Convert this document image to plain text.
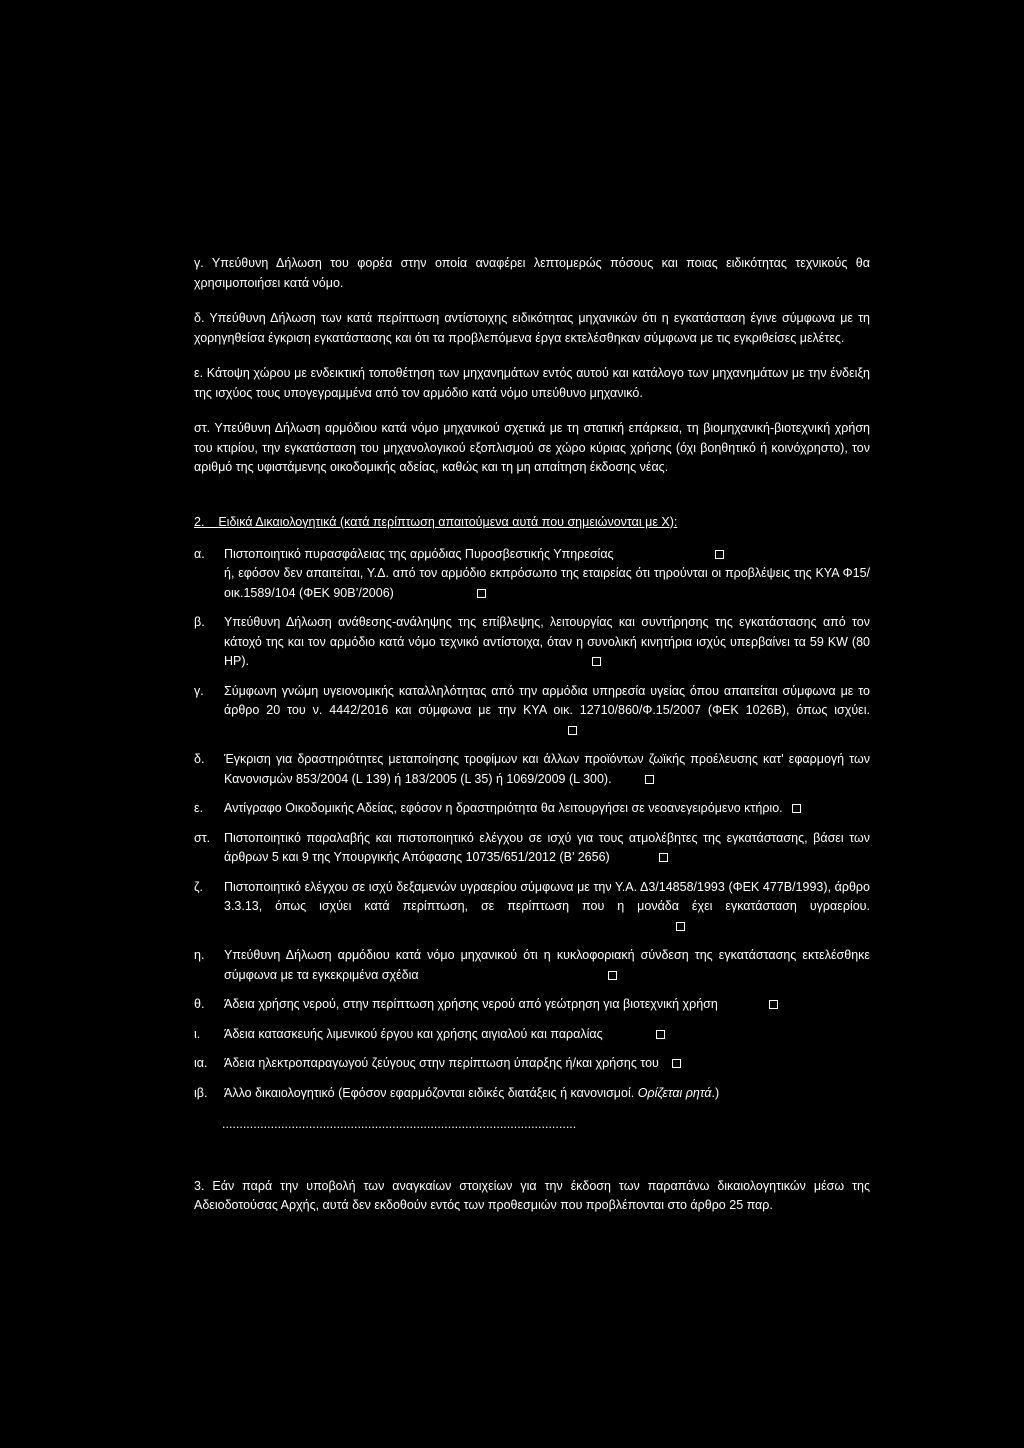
γ. Υπεύθυνη Δήλωση του φορέα στην οποία αναφέρει λεπτομερώς πόσους και ποιας ειδικότητας τεχνικούς θα χρησιμοποιήσει κατά νόμο.

δ. Υπεύθυνη Δήλωση των κατά περίπτωση αντίστοιχης ειδικότητας μηχανικών ότι η εγκατάσταση έγινε σύμφωνα με τη χορηγηθείσα έγκριση εγκατάστασης και ότι τα προβλεπόμενα έργα εκτελέσθηκαν σύμφωνα με τις εγκριθείσες μελέτες.

ε. Κάτοψη χώρου με ενδεικτική τοποθέτηση των μηχανημάτων εντός αυτού και κατάλογο των μηχανημάτων με την ένδειξη της ισχύος τους υπογεγραμμένα από τον αρμόδιο κατά νόμο υπεύθυνο μηχανικό.

στ. Υπεύθυνη Δήλωση αρμόδιου κατά νόμο μηχανικού σχετικά με τη στατική επάρκεια, τη βιομηχανική-βιοτεχνική χρήση του κτιρίου, την εγκατάσταση του μηχανολογικού εξοπλισμού σε χώρο κύριας χρήσης (όχι βοηθητικό ή κοινόχρηστο), τον αριθμό της υφιστάμενης οικοδομικής αδείας, καθώς και τη μη απαίτηση έκδοσης νέας.

2. Ειδικά Δικαιολογητικά (κατά περίπτωση απαιτούμενα αυτά που σημειώνονται με Χ):
α. Πιστοποιητικό πυρασφάλειας της αρμόδιας Πυροσβεστικής Υπηρεσίας
ή, εφόσον δεν απαιτείται, Υ.Δ. από τον αρμόδιο εκπρόσωπο της εταιρείας ότι τηρούνται οι προβλέψεις της ΚΥΑ Φ15/οικ.1589/104 (ΦΕΚ 90Β’/2006)
β. Υπεύθυνη Δήλωση ανάθεσης-ανάληψης της επίβλεψης, λειτουργίας και συντήρησης της εγκατάστασης από τον κάτοχό της και τον αρμόδιο κατά νόμο τεχνικό αντίστοιχα, όταν η συνολική κινητήρια ισχύς υπερβαίνει τα 59 KW (80 HP).
γ. Σύμφωνη γνώμη υγειονομικής καταλληλότητας από την αρμόδια υπηρεσία υγείας όπου απαιτείται σύμφωνα με το άρθρο 20 του ν. 4442/2016 και σύμφωνα με την ΚΥΑ οικ. 12710/860/Φ.15/2007 (ΦΕΚ 1026Β), όπως ισχύει.
δ. Έγκριση για δραστηριότητες μεταποίησης τροφίμων και άλλων προϊόντων ζωϊκής προέλευσης κατ' εφαρμογή των Κανονισμών 853/2004 (L 139) ή 183/2005 (L 35) ή 1069/2009 (L 300).
ε. Αντίγραφο Οικοδομικής Αδείας, εφόσον η δραστηριότητα θα λειτουργήσει σε νεοανεγειρόμενο κτήριο.
στ. Πιστοποιητικό παραλαβής και πιστοποιητικό ελέγχου σε ισχύ για τους ατμολέβητες της εγκατάστασης, βάσει των άρθρων 5 και 9 της Υπουργικής Απόφασης 10735/651/2012 (Β’ 2656)
ζ. Πιστοποιητικό ελέγχου σε ισχύ δεξαμενών υγραερίου σύμφωνα με την Υ.Α. Δ3/14858/1993 (ΦΕΚ 477Β/1993), άρθρο 3.3.13, όπως ισχύει κατά περίπτωση, σε περίπτωση που η μονάδα έχει εγκατάσταση υγραερίου.
η. Υπεύθυνη Δήλωση αρμόδιου κατά νόμο μηχανικού ότι η κυκλοφοριακή σύνδεση της εγκατάστασης εκτελέσθηκε σύμφωνα με τα εγκεκριμένα σχέδια
θ. Άδεια χρήσης νερού, στην περίπτωση χρήσης νερού από γεώτρηση για βιοτεχνική χρήση
ι. Άδεια κατασκευής λιμενικού έργου και χρήσης αιγιαλού και παραλίας
ια. Άδεια ηλεκτροπαραγωγού ζεύγους στην περίπτωση ύπαρξης ή/και χρήσης του
ιβ. Άλλο δικαιολογητικό (Εφόσον εφαρμόζονται ειδικές διατάξεις ή κανονισμοί. Ορίζεται ρητά.)
......................................................................................................

3. Εάν παρά την υποβολή των αναγκαίων στοιχείων για την έκδοση των παραπάνω δικαιολογητικών μέσω της Αδειοδοτούσας Αρχής, αυτά δεν εκδοθούν εντός των προθεσμιών που προβλέπονται στο άρθρο 25 παρ.
